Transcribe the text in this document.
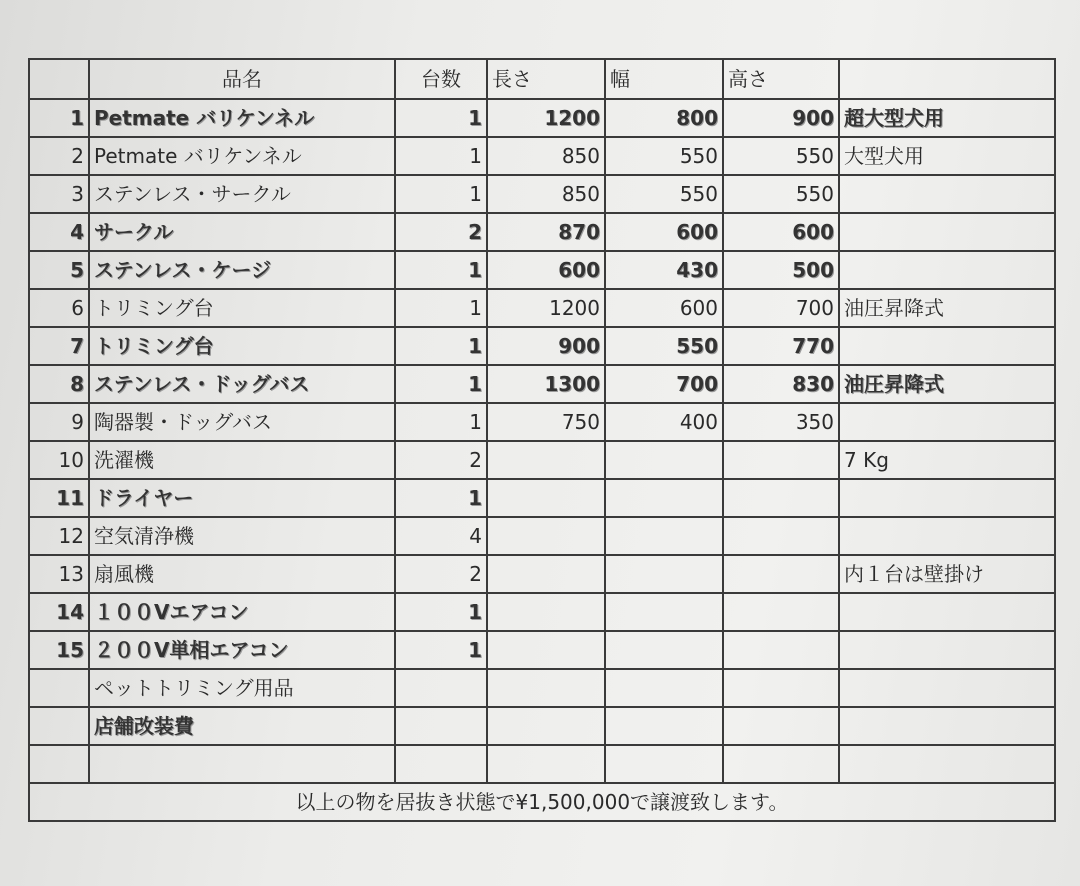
	品名	台数	長さ	幅	高さ	
1	Petmate バリケンネル	1	1200	800	900	超大型犬用
2	Petmate バリケンネル	1	850	550	550	大型犬用
3	ステンレス・サークル	1	850	550	550	
4	サークル	2	870	600	600	
5	ステンレス・ケージ	1	600	430	500	
6	トリミング台	1	1200	600	700	油圧昇降式
7	トリミング台	1	900	550	770	
8	ステンレス・ドッグバス	1	1300	700	830	油圧昇降式
9	陶器製・ドッグバス	1	750	400	350	
10	洗濯機	2				7 Kg
11	ドライヤー	1				
12	空気清浄機	4				
13	扇風機	2				内１台は壁掛け
14	１００Vエアコン	1				
15	２００V単相エアコン	1				
	ペットトリミング用品					
	店舗改装費					

以上の物を居抜き状態で¥1,500,000で譲渡致します。						
